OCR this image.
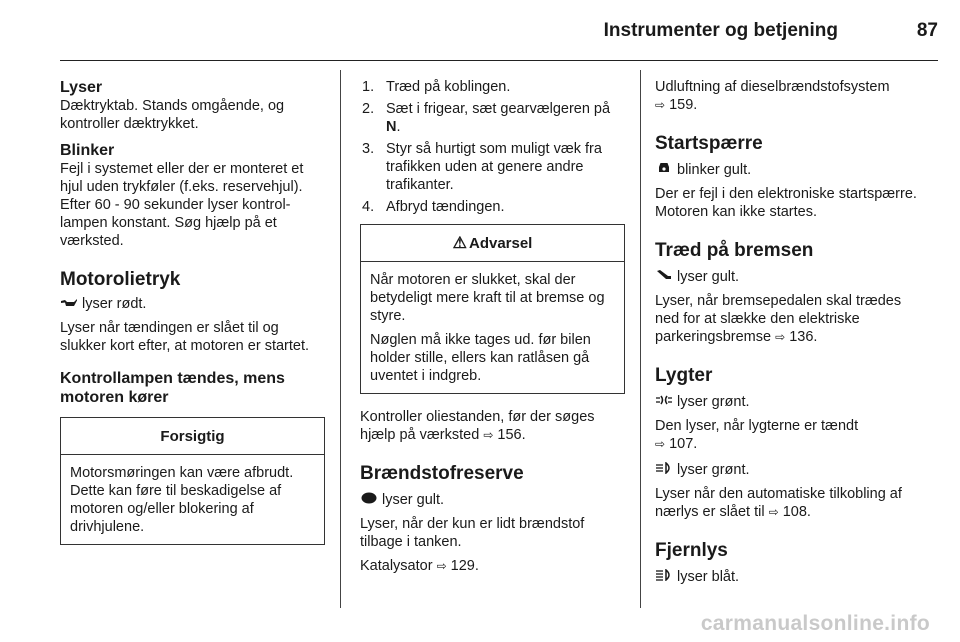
Instrumenter og betjening	87
Lyser

Dæktryktab. Stands omgående, og kontroller dæktrykket.

Blinker

Fejl i systemet eller der er monteret et hjul uden trykføler (f.eks. reservehjul). Efter 60 - 90 sekunder lyser kontrollampen konstant. Søg hjælp på et værksted.

Motorolietryk

lyser rødt.

Lyser når tændingen er slået til og slukker kort efter, at motoren er startet.

Kontrollampen tændes, mens motoren kører
Forsigtig

Motorsmøringen kan være afbrudt. Dette kan føre til beskadigelse af motoren og/eller blokering af drivhjulene.

1. Træd på koblingen.
2. Sæt i frigear, sæt gearvælgeren på N.
3. Styr så hurtigt som muligt væk fra trafikken uden at genere andre trafikanter.
4. Afbryd tændingen.
⚠ Advarsel

Når motoren er slukket, skal der betydeligt mere kraft til at bremse og styre.

Nøglen må ikke tages ud. før bilen holder stille, ellers kan ratlåsen gå uventet i indgreb.

Kontroller oliestanden, før der søges hjælp på værksted ⇨ 156.

Brændstofreserve

lyser gult.

Lyser, når der kun er lidt brændstof tilbage i tanken.

Katalysator ⇨ 129.

Udluftning af dieselbrændstofsystem
⇨ 159.

Startspærre

blinker gult.

Der er fejl i den elektroniske startspærre. Motoren kan ikke startes.

Træd på bremsen

lyser gult.

Lyser, når bremsepedalen skal trædes ned for at slække den elektriske parkeringsbremse ⇨ 136.

Lygter

lyser grønt.

Den lyser, når lygterne er tændt
⇨ 107.

lyser grønt.

Lyser når den automatiske tilkobling af nærlys er slået til ⇨ 108.

Fjernlys

lyser blåt.

carmanualsonline.info
